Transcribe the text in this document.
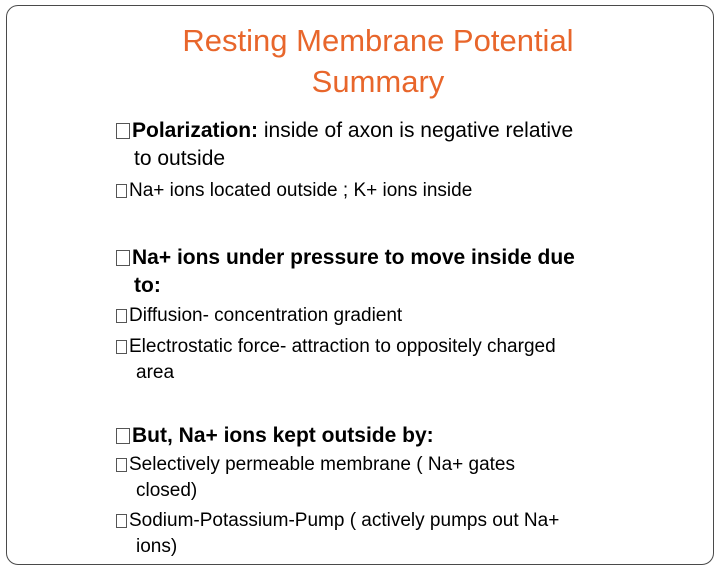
Resting Membrane Potential
Summary

Polarization: inside of axon is negative relative
to outside

Na+ ions located outside ; K+ ions inside

Na+ ions under pressure to move inside due
to:

Diffusion- concentration gradient

Electrostatic force- attraction to oppositely charged
area

But, Na+ ions kept outside by:

Selectively permeable membrane ( Na+ gates
closed)

Sodium-Potassium-Pump ( actively pumps out Na+
ions)
